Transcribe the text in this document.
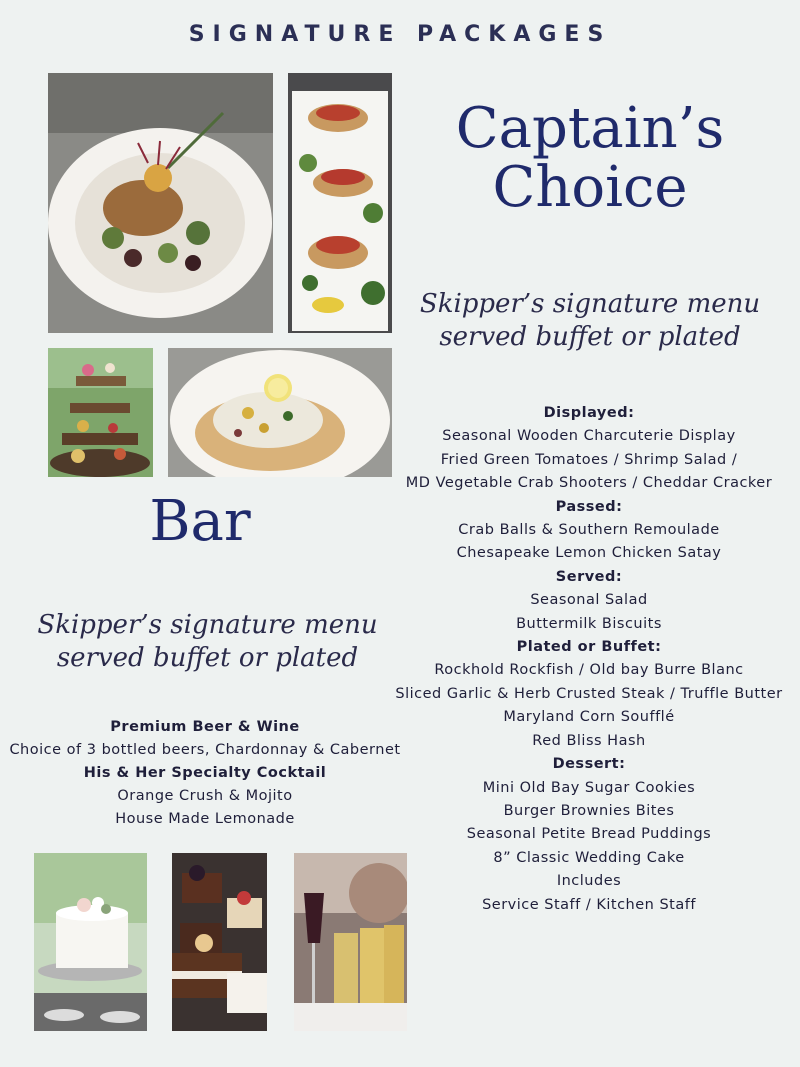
SIGNATURE PACKAGES
Captain’s Choice
Skipper’s signature menu
served buffet or plated
Displayed:
Seasonal Wooden Charcuterie Display
Fried Green Tomatoes / Shrimp Salad /
MD Vegetable Crab Shooters / Cheddar Cracker
Passed:
Crab Balls & Southern Remoulade
Chesapeake Lemon Chicken Satay
Served:
Seasonal Salad
Buttermilk Biscuits
Plated or Buffet:
Rockhold Rockfish / Old bay Burre Blanc
Sliced Garlic & Herb Crusted Steak / Truffle Butter
Maryland Corn Soufflé
Red Bliss Hash
Dessert:
Mini Old Bay Sugar Cookies
Burger Brownies Bites
Seasonal Petite Bread Puddings
8” Classic Wedding Cake
Includes
Service Staff / Kitchen Staff
Bar
Skipper’s signature menu
served buffet or plated
Premium Beer & Wine
Choice of 3 bottled beers, Chardonnay & Cabernet
His & Her Specialty Cocktail
Orange Crush & Mojito
House Made Lemonade
